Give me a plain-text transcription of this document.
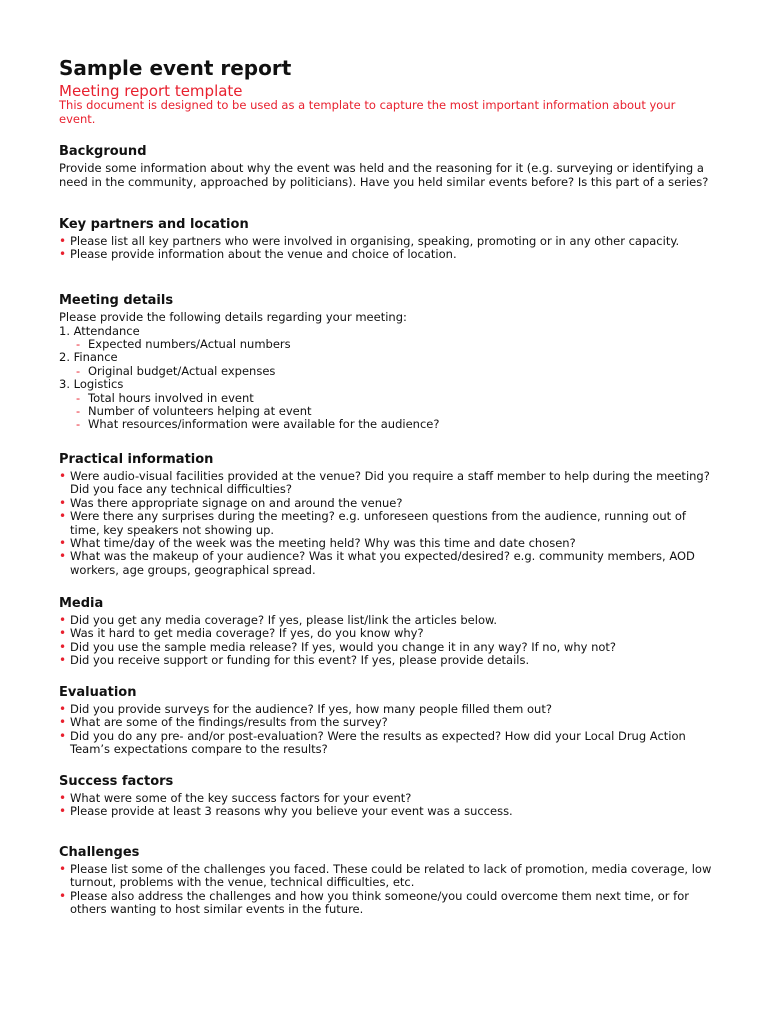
Sample event report
Meeting report template

This document is designed to be used as a template to capture the most important information about your event.

Background

Provide some information about why the event was held and the reasoning for it (e.g. surveying or identifying a need in the community, approached by politicians). Have you held similar events before? Is this part of a series?

Key partners and location
• Please list all key partners who were involved in organising, speaking, promoting or in any other capacity.
• Please provide information about the venue and choice of location.
Meeting details

Please provide the following details regarding your meeting:

1. Attendance
- Expected numbers/Actual numbers
2. Finance
- Original budget/Actual expenses
3. Logistics
- Total hours involved in event
- Number of volunteers helping at event
- What resources/information were available for the audience?
Practical information
• Were audio-visual facilities provided at the venue? Did you require a staff member to help during the meeting? Did you face any technical difficulties?
• Was there appropriate signage on and around the venue?
• Were there any surprises during the meeting? e.g. unforeseen questions from the audience, running out of time, key speakers not showing up.
• What time/day of the week was the meeting held? Why was this time and date chosen?
• What was the makeup of your audience? Was it what you expected/desired? e.g. community members, AOD workers, age groups, geographical spread.
Media
• Did you get any media coverage? If yes, please list/link the articles below.
• Was it hard to get media coverage? If yes, do you know why?
• Did you use the sample media release? If yes, would you change it in any way? If no, why not?
• Did you receive support or funding for this event? If yes, please provide details.
Evaluation
• Did you provide surveys for the audience? If yes, how many people filled them out?
• What are some of the findings/results from the survey?
• Did you do any pre- and/or post-evaluation? Were the results as expected? How did your Local Drug Action Team’s expectations compare to the results?
Success factors
• What were some of the key success factors for your event?
• Please provide at least 3 reasons why you believe your event was a success.
Challenges
• Please list some of the challenges you faced. These could be related to lack of promotion, media coverage, low turnout, problems with the venue, technical difficulties, etc.
• Please also address the challenges and how you think someone/you could overcome them next time, or for others wanting to host similar events in the future.
